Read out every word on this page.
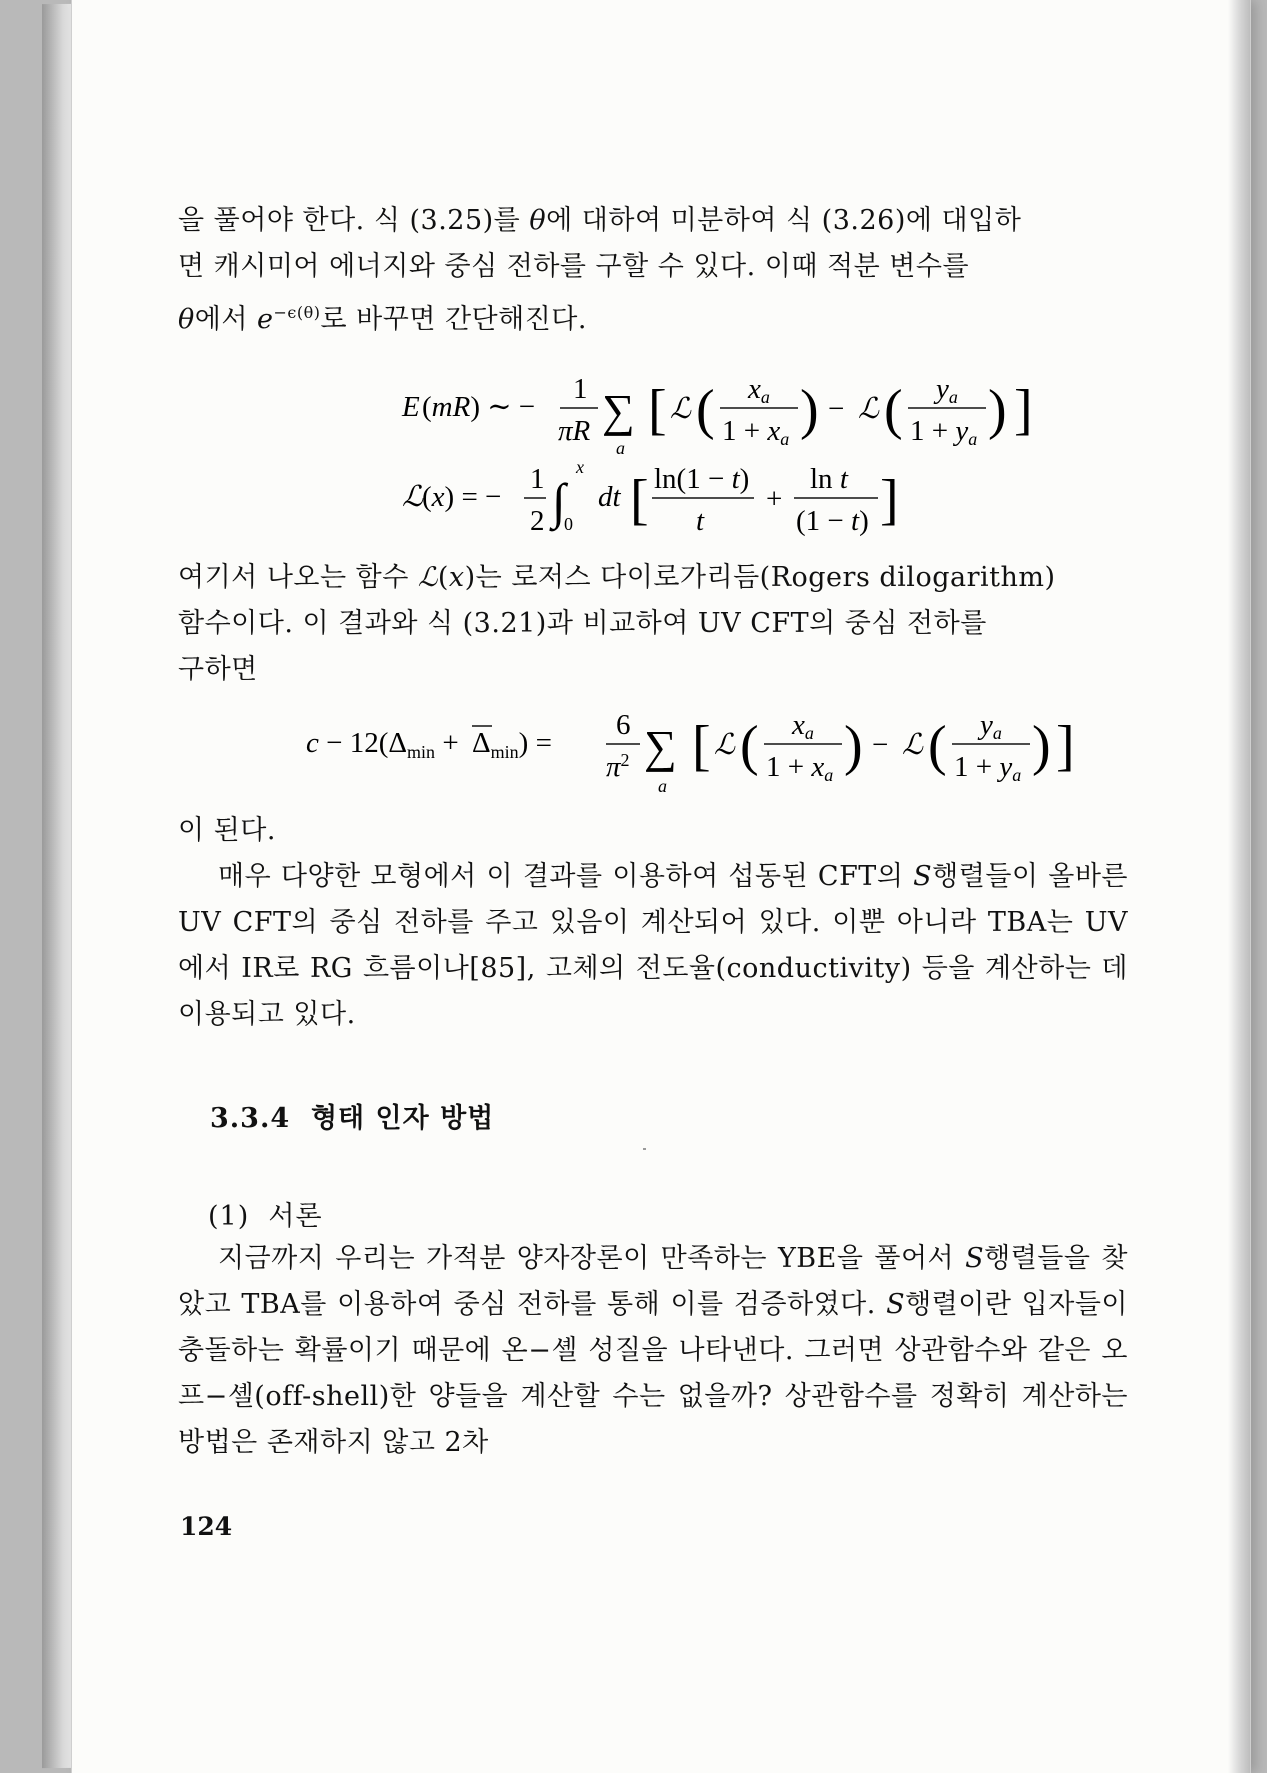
을 풀어야 한다. 식 (3.25)를 θ에 대하여 미분하여 식 (3.26)에 대입하
면 캐시미어 에너지와 중심 전하를 구할 수 있다. 이때 적분 변수를
θ에서 $e^{-\epsilon(\theta)}$로 바꾸면 간단해진다.
E (mR) ∼ −
1
πR ∑
a
[ ℒ ( xa
1 + xa ) − ℒ ( ya
1 + ya ) ]
ℒ (x) = −
1
2 ∫
x
0
dt [ ln(1 − t)
t
+
ln t
(1 − t) ]
여기서 나오는 함수 ℒ(x)는 로저스 다이로가리듬(Rogers dilogarithm)
함수이다. 이 결과와 식 (3.21)과 비교하여 UV CFT의 중심 전하를
구하면
$c - 12(\Delta_{min} + \Delta_{min})$ =
6
$\pi^2$ ∑
a
[ ℒ ( xa
1 + xa ) − ℒ ( ya
1 + ya ) ]
이 된다.
매우 다양한 모형에서 이 결과를 이용하여 섭동된 CFT의 S행렬들이 올바른 UV CFT의 중심 전하를 주고 있음이 계산되어 있다. 이뿐 아니라 TBA는 UV에서 IR로 RG 흐름이나[85], 고체의 전도율(conductivity) 등을 계산하는 데 이용되고 있다.
3.3.4  형태 인자 방법
(1)  서론
지금까지 우리는 가적분 양자장론이 만족하는 YBE을 풀어서 S행렬들을 찾았고 TBA를 이용하여 중심 전하를 통해 이를 검증하였다. S행렬이란 입자들이 충돌하는 확률이기 때문에 온−셸 성질을 나타낸다. 그러면 상관함수와 같은 오프−셸(off-shell)한 양들을 계산할 수는 없을까? 상관함수를 정확히 계산하는 방법은 존재하지 않고 2차
124
